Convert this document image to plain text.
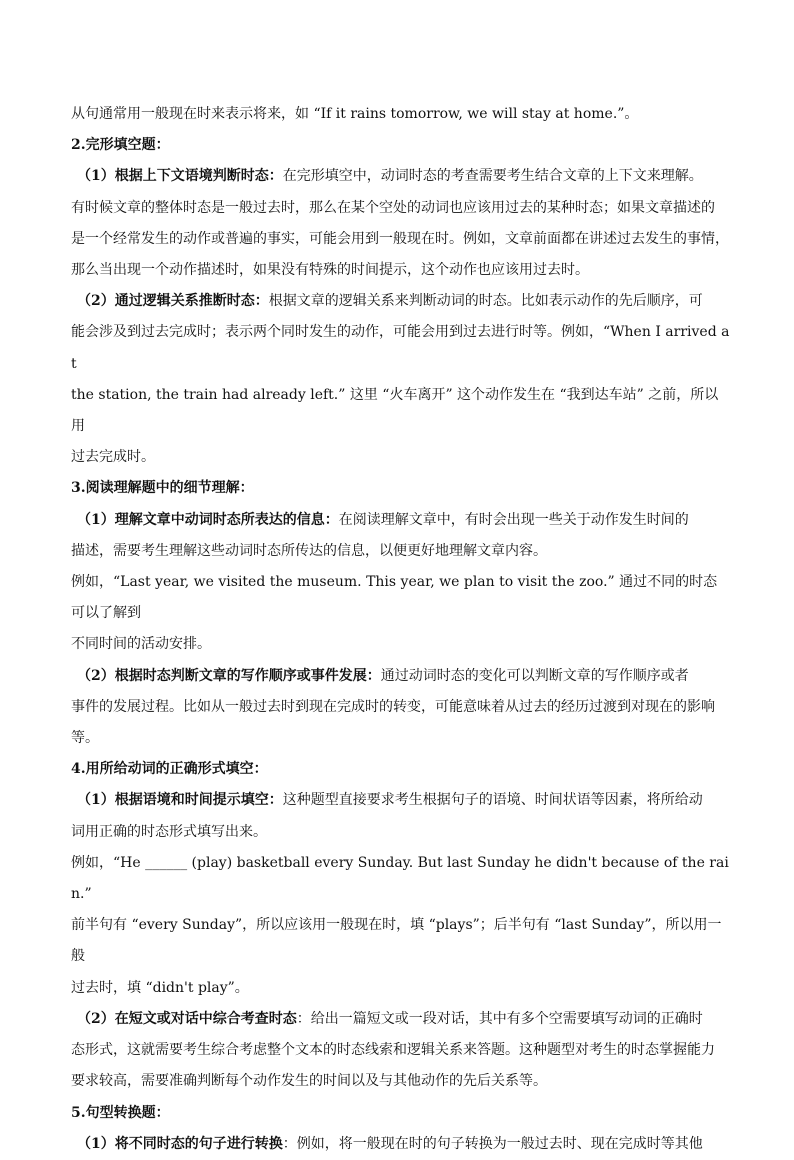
从句通常用一般现在时来表示将来，如 “If it rains tomorrow, we will stay at home.”。

2.完形填空题：

（1）根据上下文语境判断时态：在完形填空中，动词时态的考查需要考生结合文章的上下文来理解。

有时候文章的整体时态是一般过去时，那么在某个空处的动词也应该用过去的某种时态；如果文章描述的

是一个经常发生的动作或普遍的事实，可能会用到一般现在时。例如，文章前面都在讲述过去发生的事情，

那么当出现一个动作描述时，如果没有特殊的时间提示，这个动作也应该用过去时。

（2）通过逻辑关系推断时态：根据文章的逻辑关系来判断动词的时态。比如表示动作的先后顺序，可

能会涉及到过去完成时；表示两个同时发生的动作，可能会用到过去进行时等。例如，“When I arrived at

the station, the train had already left.” 这里 “火车离开” 这个动作发生在 “我到达车站” 之前，所以用

过去完成时。

3.阅读理解题中的细节理解：

（1）理解文章中动词时态所表达的信息：在阅读理解文章中，有时会出现一些关于动作发生时间的

描述，需要考生理解这些动词时态所传达的信息，以便更好地理解文章内容。

例如，“Last year, we visited the museum. This year, we plan to visit the zoo.” 通过不同的时态可以了解到

不同时间的活动安排。

（2）根据时态判断文章的写作顺序或事件发展：通过动词时态的变化可以判断文章的写作顺序或者

事件的发展过程。比如从一般过去时到现在完成时的转变，可能意味着从过去的经历过渡到对现在的影响

等。

4.用所给动词的正确形式填空：

（1）根据语境和时间提示填空：这种题型直接要求考生根据句子的语境、时间状语等因素，将所给动

词用正确的时态形式填写出来。

例如，“He ______ (play) basketball every Sunday. But last Sunday he didn't because of the rain.”

前半句有 “every Sunday”，所以应该用一般现在时，填 “plays”；后半句有 “last Sunday”，所以用一般

过去时，填 “didn't play”。

（2）在短文或对话中综合考查时态：给出一篇短文或一段对话，其中有多个空需要填写动词的正确时

态形式，这就需要考生综合考虑整个文本的时态线索和逻辑关系来答题。这种题型对考生的时态掌握能力

要求较高，需要准确判断每个动作发生的时间以及与其他动作的先后关系等。

5.句型转换题：

（1）将不同时态的句子进行转换：例如，将一般现在时的句子转换为一般过去时、现在完成时等其他
